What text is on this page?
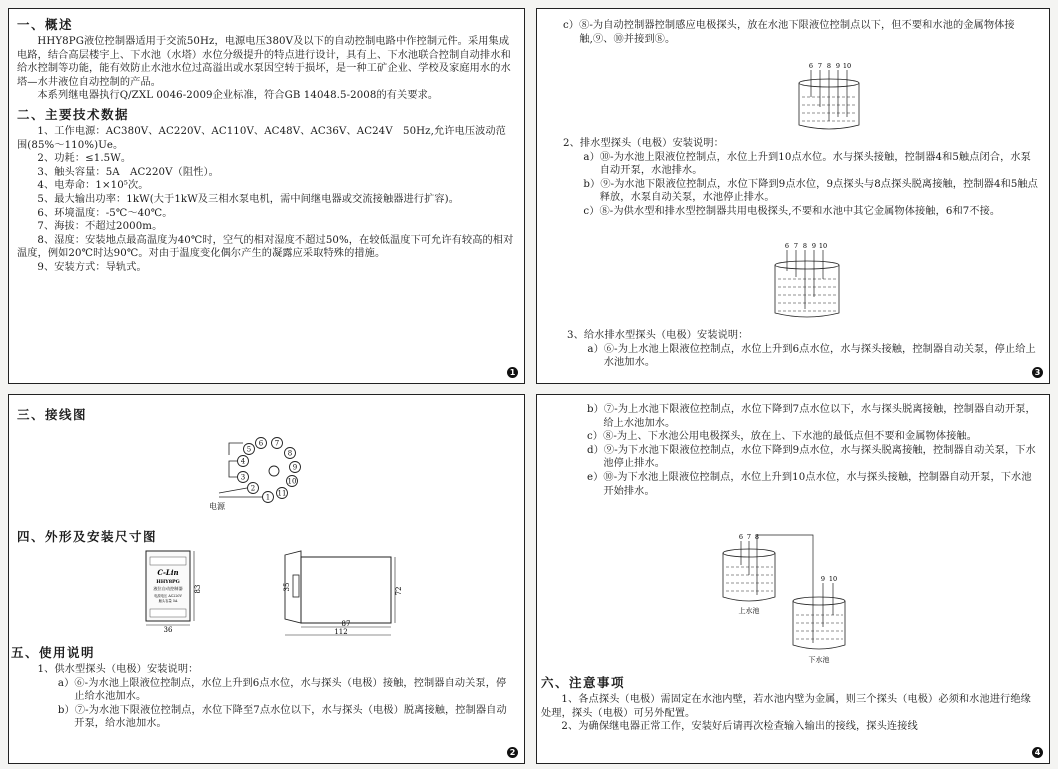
一、概述

HHY8PG液位控制器适用于交流50Hz，电源电压380V及以下的自动控制电路中作控制元件。采用集成电路，结合高层楼宇上、下水池（水塔）水位分级提升的特点进行设计，具有上、下水池联合控制自动排水和给水控制等功能，能有效防止水池水位过高溢出或水泵因空转于损坏，是一种工矿企业、学校及家庭用水的水塔—水井液位自动控制的产品。

本系列继电器执行Q/ZXL 0046-2009企业标准，符合GB 14048.5-2008的有关要求。

二、主要技术数据

1、工作电源：AC380V、AC220V、AC110V、AC48V、AC36V、AC24V　50Hz,允许电压波动范围(85%～110%)Ue。

2、功耗：≤1.5W。

3、触头容量：5A　AC220V（阻性）。

4、电寿命：1×10⁵次。

5、最大输出功率：1kW(大于1kW及三相水泵电机，需中间继电器或交流接触器进行扩容)。

6、环境温度：-5℃～40℃。

7、海拔：不超过2000m。

8、湿度：安装地点最高温度为40℃时，空气的相对湿度不超过50%，在较低温度下可允许有较高的相对温度，例如20℃时达90℃。对由于温度变化偶尔产生的凝露应采取特殊的措施。

9、安装方式：导轨式。

1

三、接线图

6 7
8
9
10
11
1
2
3
4
5
电源

四、外形及安装尺寸图

C-Lin
HHY8PG
液位自动控制器
电源电压 AC220V
触头容量 5A
83
36
35	72
87
112

五、使用说明

1、供水型探头（电极）安装说明：

a）⑥-为水池上限液位控制点，水位上升到6点水位，水与探头（电极）接触，控制器自动关泵，停止给水池加水。

b）⑦-为水池下限液位控制点，水位下降至7点水位以下，水与探头（电极）脱离接触，控制器自动开泵，给水池加水。

2

c）⑧-为自动控制器控制感应电极探头，放在水池下限液位控制点以下，但不要和水池的金属物体接触,⑨、⑩并接到⑧。

6 7 8 9 10

2、排水型探头（电极）安装说明：

a）⑩-为水池上限液位控制点，水位上升到10点水位。水与探头接触，控制器4和5触点闭合，水泵自动开泵，水池排水。

b）⑨-为水池下限液位控制点，水位下降到9点水位，9点探头与8点探头脱离接触，控制器4和5触点释放，水泵自动关泵，水池停止排水。

c）⑧-为供水型和排水型控制器共用电极探头,不要和水池中其它金属物体接触，6和7不接。

6 7 8 9 10

3、给水排水型探头（电极）安装说明：

a）⑥-为上水池上限液位控制点，水位上升到6点水位，水与探头接触，控制器自动关泵，停止给上水池加水。

3

b）⑦-为上水池下限液位控制点，水位下降到7点水位以下，水与探头脱离接触，控制器自动开泵，给上水池加水。

c）⑧-为上、下水池公用电极探头，放在上、下水池的最低点但不要和金属物体接触。

d）⑨-为下水池下限液位控制点，水位下降到9点水位，水与探头脱离接触，控制器自动关泵，下水池停止排水。

e）⑩-为下水池上限液位控制点，水位上升到10点水位，水与探头接触，控制器自动开泵，下水池开始排水。

6 7 8
9 10
上水池
下水池

六、注意事项

1、各点探头（电极）需固定在水池内壁，若水池内壁为金属，则三个探头（电极）必须和水池进行绝缘处理，探头（电极）可另外配置。

2、为确保继电器正常工作，安装好后请再次检查输入输出的接线，探头连接线

4
